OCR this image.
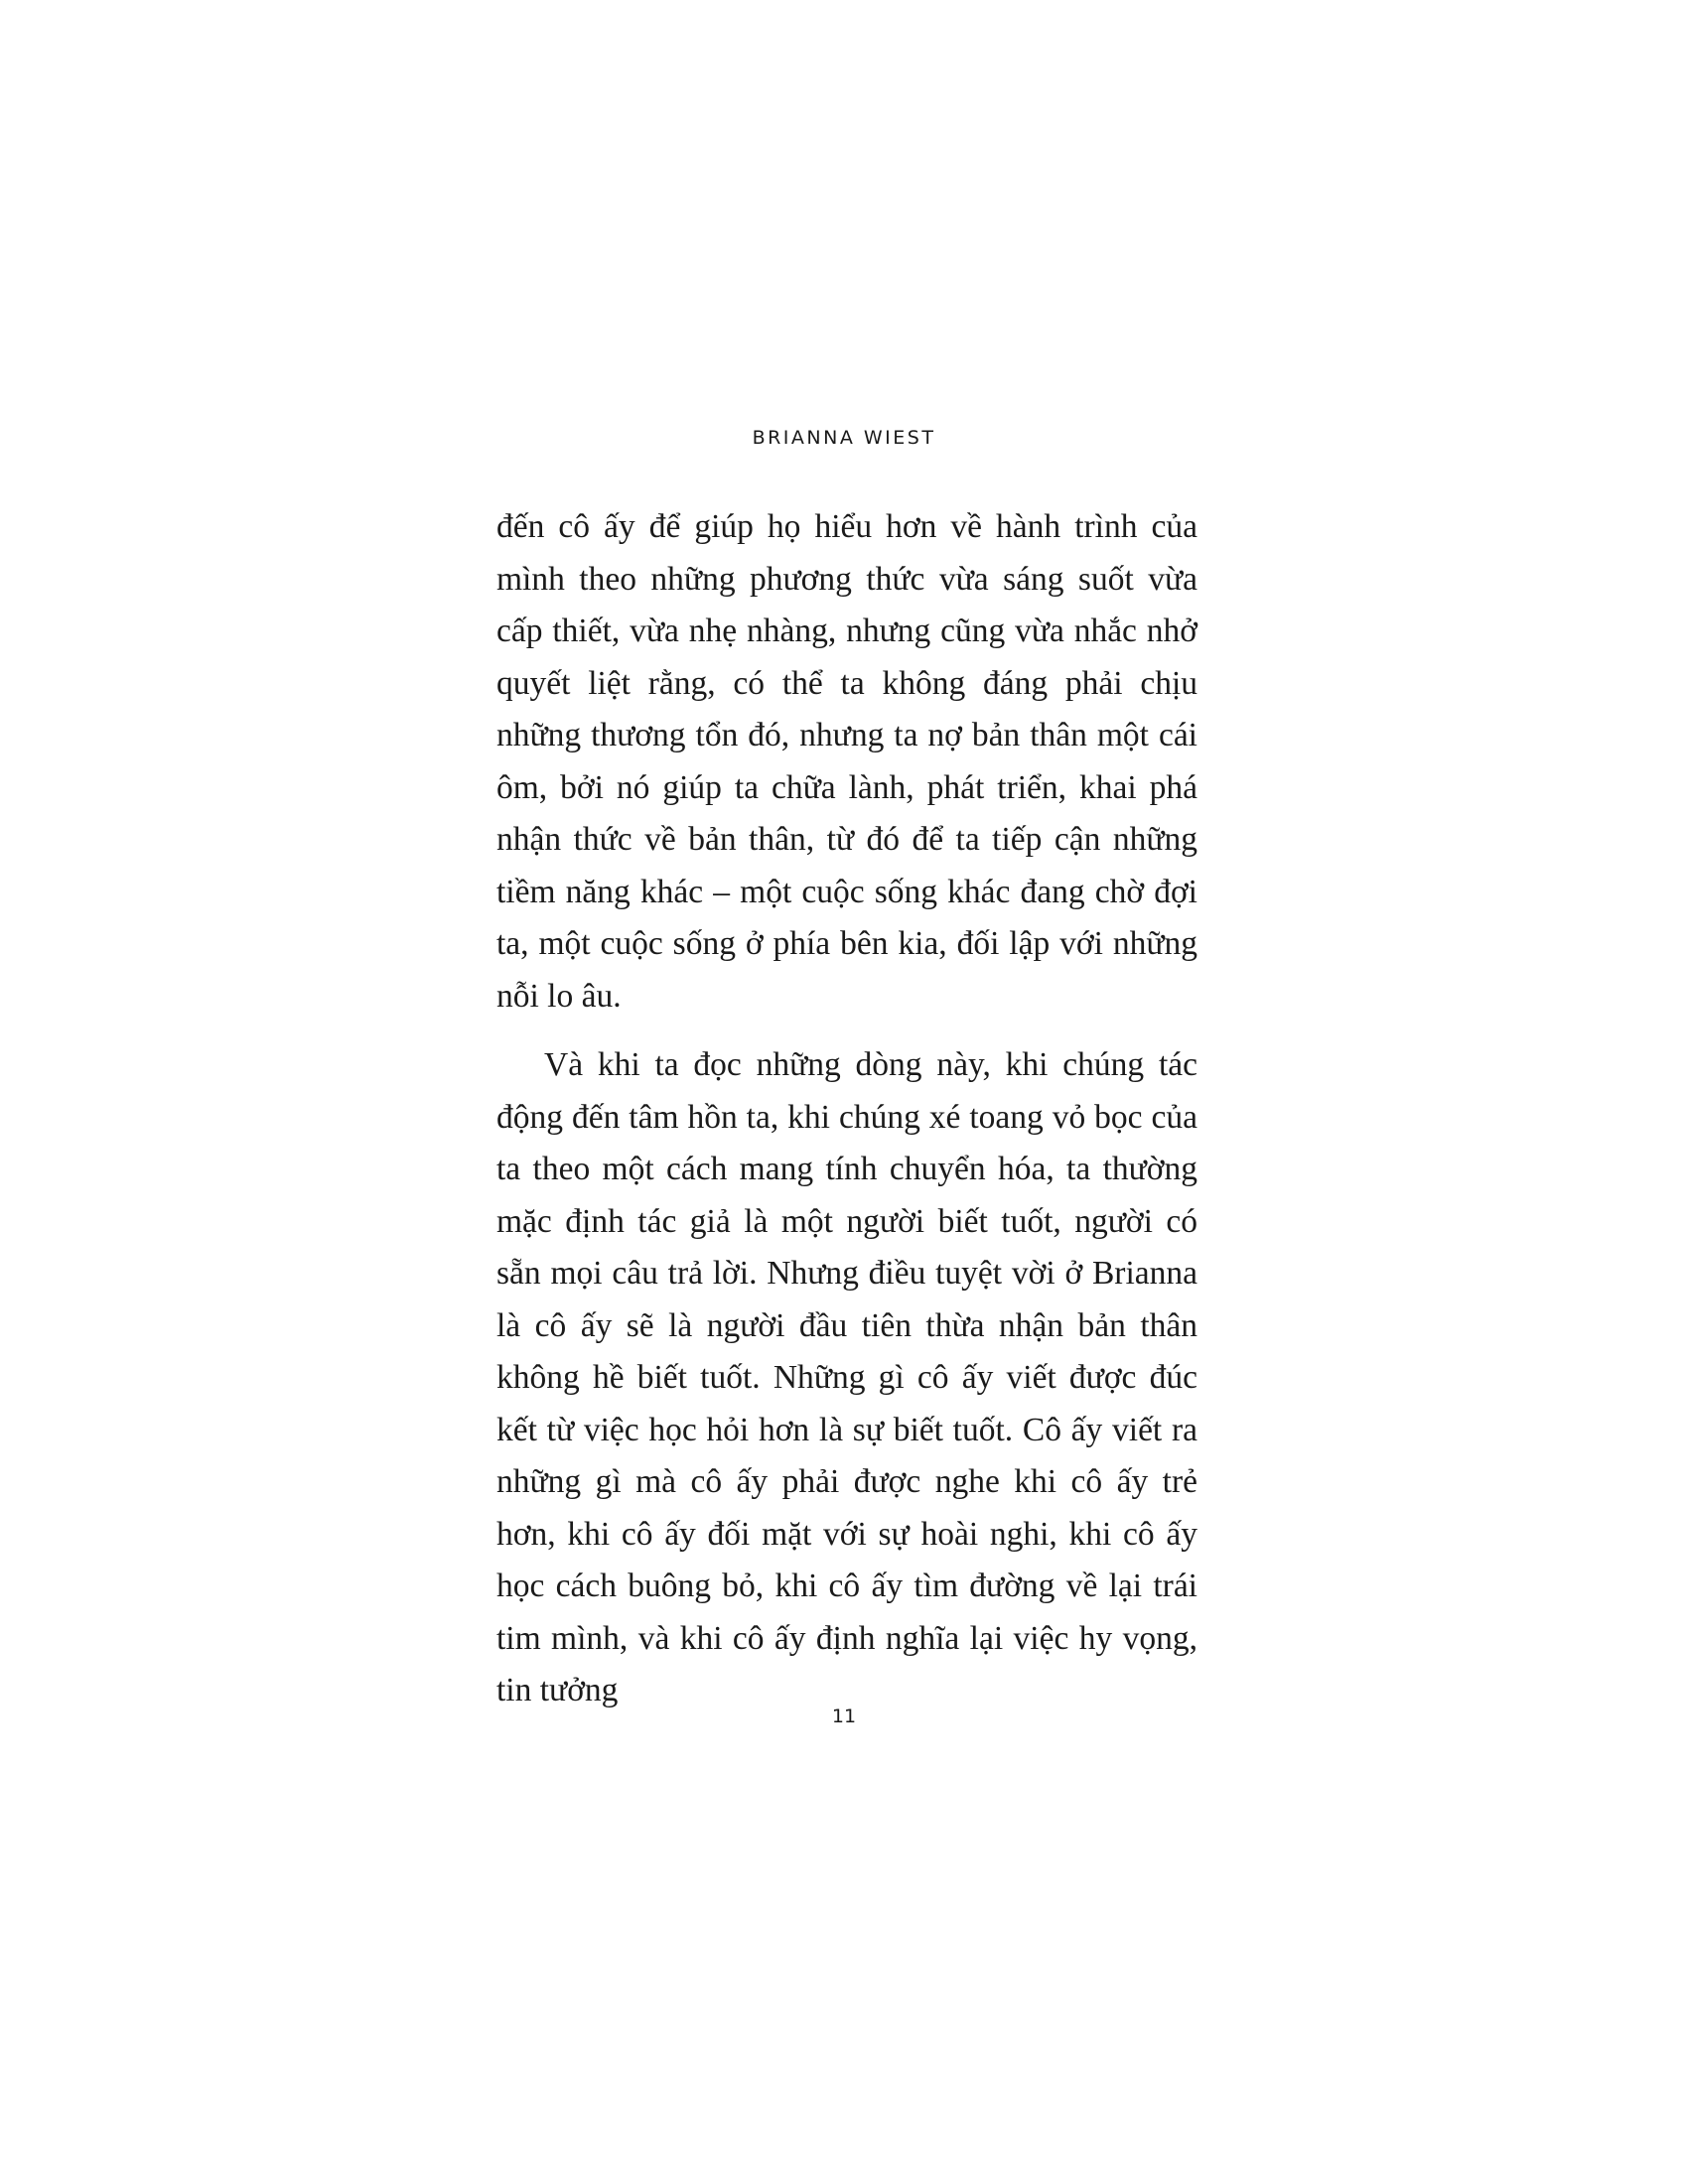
BRIANNA WIEST

đến cô ấy để giúp họ hiểu hơn về hành trình của mình theo những phương thức vừa sáng suốt vừa cấp thiết, vừa nhẹ nhàng, nhưng cũng vừa nhắc nhở quyết liệt rằng, có thể ta không đáng phải chịu những thương tổn đó, nhưng ta nợ bản thân một cái ôm, bởi nó giúp ta chữa lành, phát triển, khai phá nhận thức về bản thân, từ đó để ta tiếp cận những tiềm năng khác – một cuộc sống khác đang chờ đợi ta, một cuộc sống ở phía bên kia, đối lập với những nỗi lo âu.

Và khi ta đọc những dòng này, khi chúng tác động đến tâm hồn ta, khi chúng xé toang vỏ bọc của ta theo một cách mang tính chuyển hóa, ta thường mặc định tác giả là một người biết tuốt, người có sẵn mọi câu trả lời. Nhưng điều tuyệt vời ở Brianna là cô ấy sẽ là người đầu tiên thừa nhận bản thân không hề biết tuốt. Những gì cô ấy viết được đúc kết từ việc học hỏi hơn là sự biết tuốt. Cô ấy viết ra những gì mà cô ấy phải được nghe khi cô ấy trẻ hơn, khi cô ấy đối mặt với sự hoài nghi, khi cô ấy học cách buông bỏ, khi cô ấy tìm đường về lại trái tim mình, và khi cô ấy định nghĩa lại việc hy vọng, tin tưởng

11
